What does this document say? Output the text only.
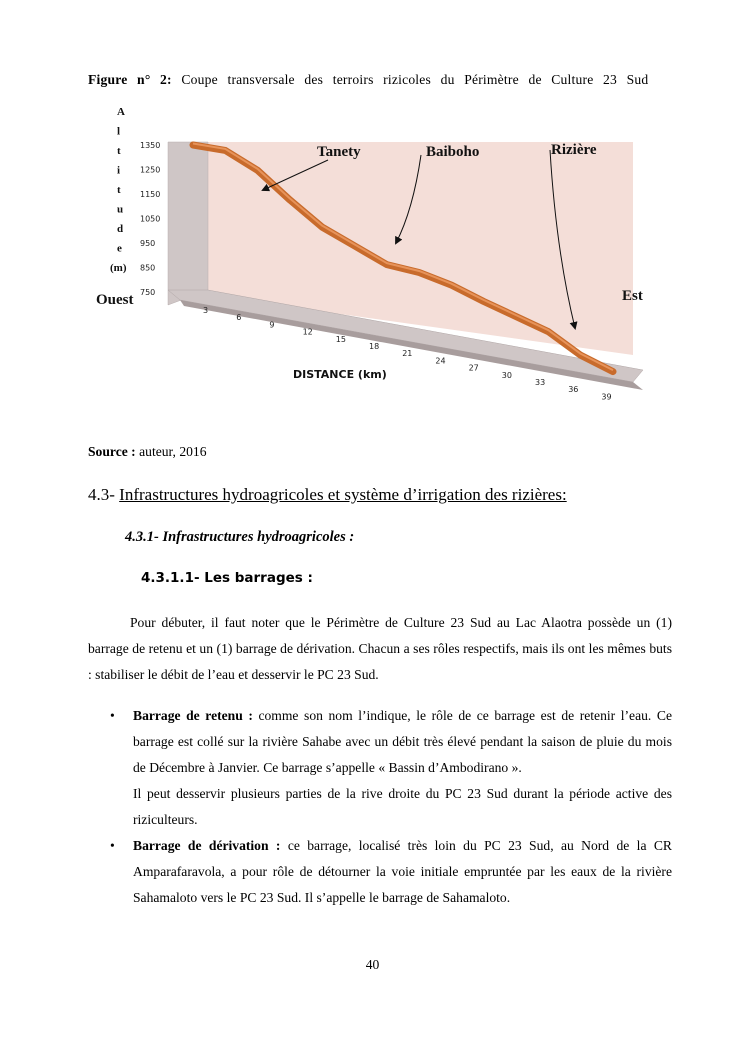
Figure n° 2: Coupe transversale des terroirs rizicoles du Périmètre de Culture 23 Sud
A
l
t
i
t
u
d
e
(m)
1350
1250
1150
1050
950
850
750
3
6
9
12
15
18
21
24
27
30
33
36
39
Ouest	Est
DISTANCE (km)
Tanety	Baiboho	Rizière
Source : auteur, 2016
4.3- Infrastructures hydroagricoles et système d’irrigation des rizières:
4.3.1- Infrastructures hydroagricoles :
4.3.1.1- Les barrages :
Pour débuter, il faut noter que le Périmètre de Culture 23 Sud au Lac Alaotra possède un (1) barrage de retenu et un (1) barrage de dérivation. Chacun a ses rôles respectifs, mais ils ont les mêmes buts : stabiliser le débit de l’eau et desservir le PC 23 Sud.
• Barrage de retenu : comme son nom l’indique, le rôle de ce barrage est de retenir l’eau. Ce barrage est collé sur la rivière Sahabe avec un débit très élevé pendant la saison de pluie du mois de Décembre à Janvier. Ce barrage s’appelle « Bassin d’Ambodirano ».
Il peut desservir plusieurs parties de la rive droite du PC 23 Sud durant la période active des riziculteurs.
• Barrage de dérivation : ce barrage, localisé très loin du PC 23 Sud, au Nord de la CR Amparafaravola, a pour rôle de détourner la voie initiale empruntée par les eaux de la rivière Sahamaloto vers le PC 23 Sud. Il s’appelle le barrage de Sahamaloto.
40
